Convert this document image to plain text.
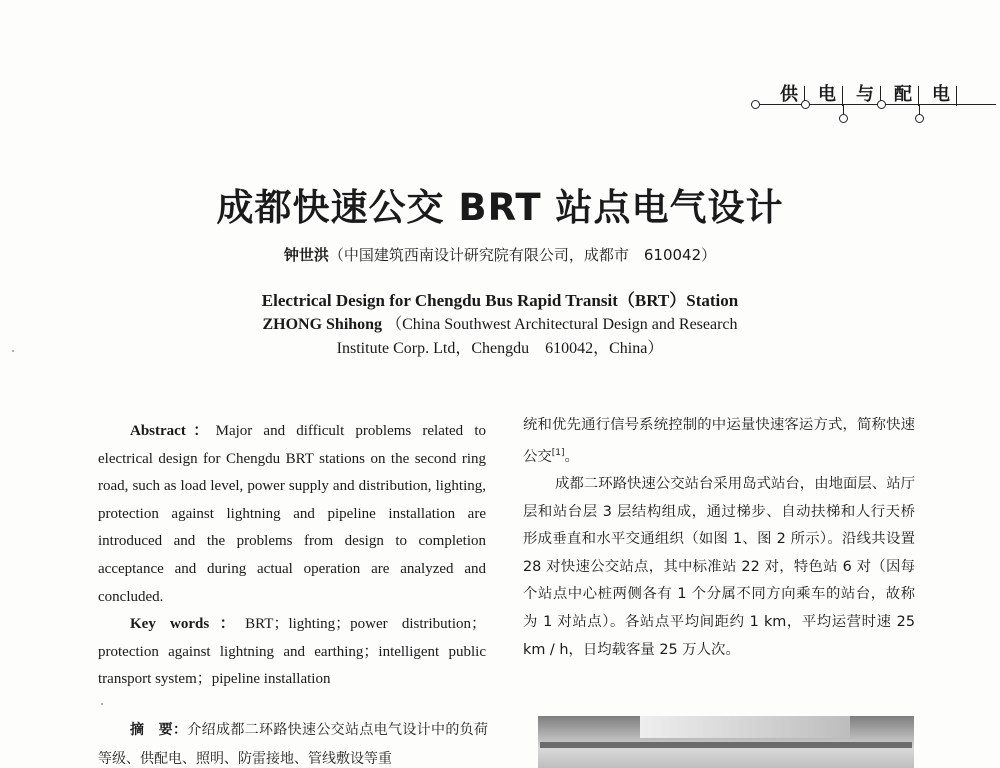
供	电	与	配	电
成都快速公交 BRT 站点电气设计
钟世洪（中国建筑西南设计研究院有限公司，成都市　610042）
Electrical Design for Chengdu Bus Rapid Transit（BRT）Station
ZHONG Shihong （China Southwest Architectural Design and Research
Institute Corp. Ltd，Chengdu　610042，China）

Abstract：Major and difficult problems related to electrical design for Chengdu BRT stations on the second ring road, such as load level, power supply and distribution, lighting, protection against lightning and pipeline installation are introduced and the problems from design to completion acceptance and during actual operation are analyzed and concluded.

Key words：BRT；lighting；power distribution；protection against lightning and earthing；intelligent public transport system；pipeline installation

摘　要：介绍成都二环路快速公交站点电气设计中的负荷等级、供配电、照明、防雷接地、管线敷设等重

统和优先通行信号系统控制的中运量快速客运方式，简称快速公交[1]。

成都二环路快速公交站台采用岛式站台，由地面层、站厅层和站台层 3 层结构组成，通过梯步、自动扶梯和人行天桥形成垂直和水平交通组织（如图 1、图 2 所示）。沿线共设置 28 对快速公交站点，其中标准站 22 对，特色站 6 对（因每个站点中心桩两侧各有 1 个分属不同方向乘车的站台，故称为 1 对站点）。各站点平均间距约 1 km，平均运营时速 25 km / h，日均载客量 25 万人次。
